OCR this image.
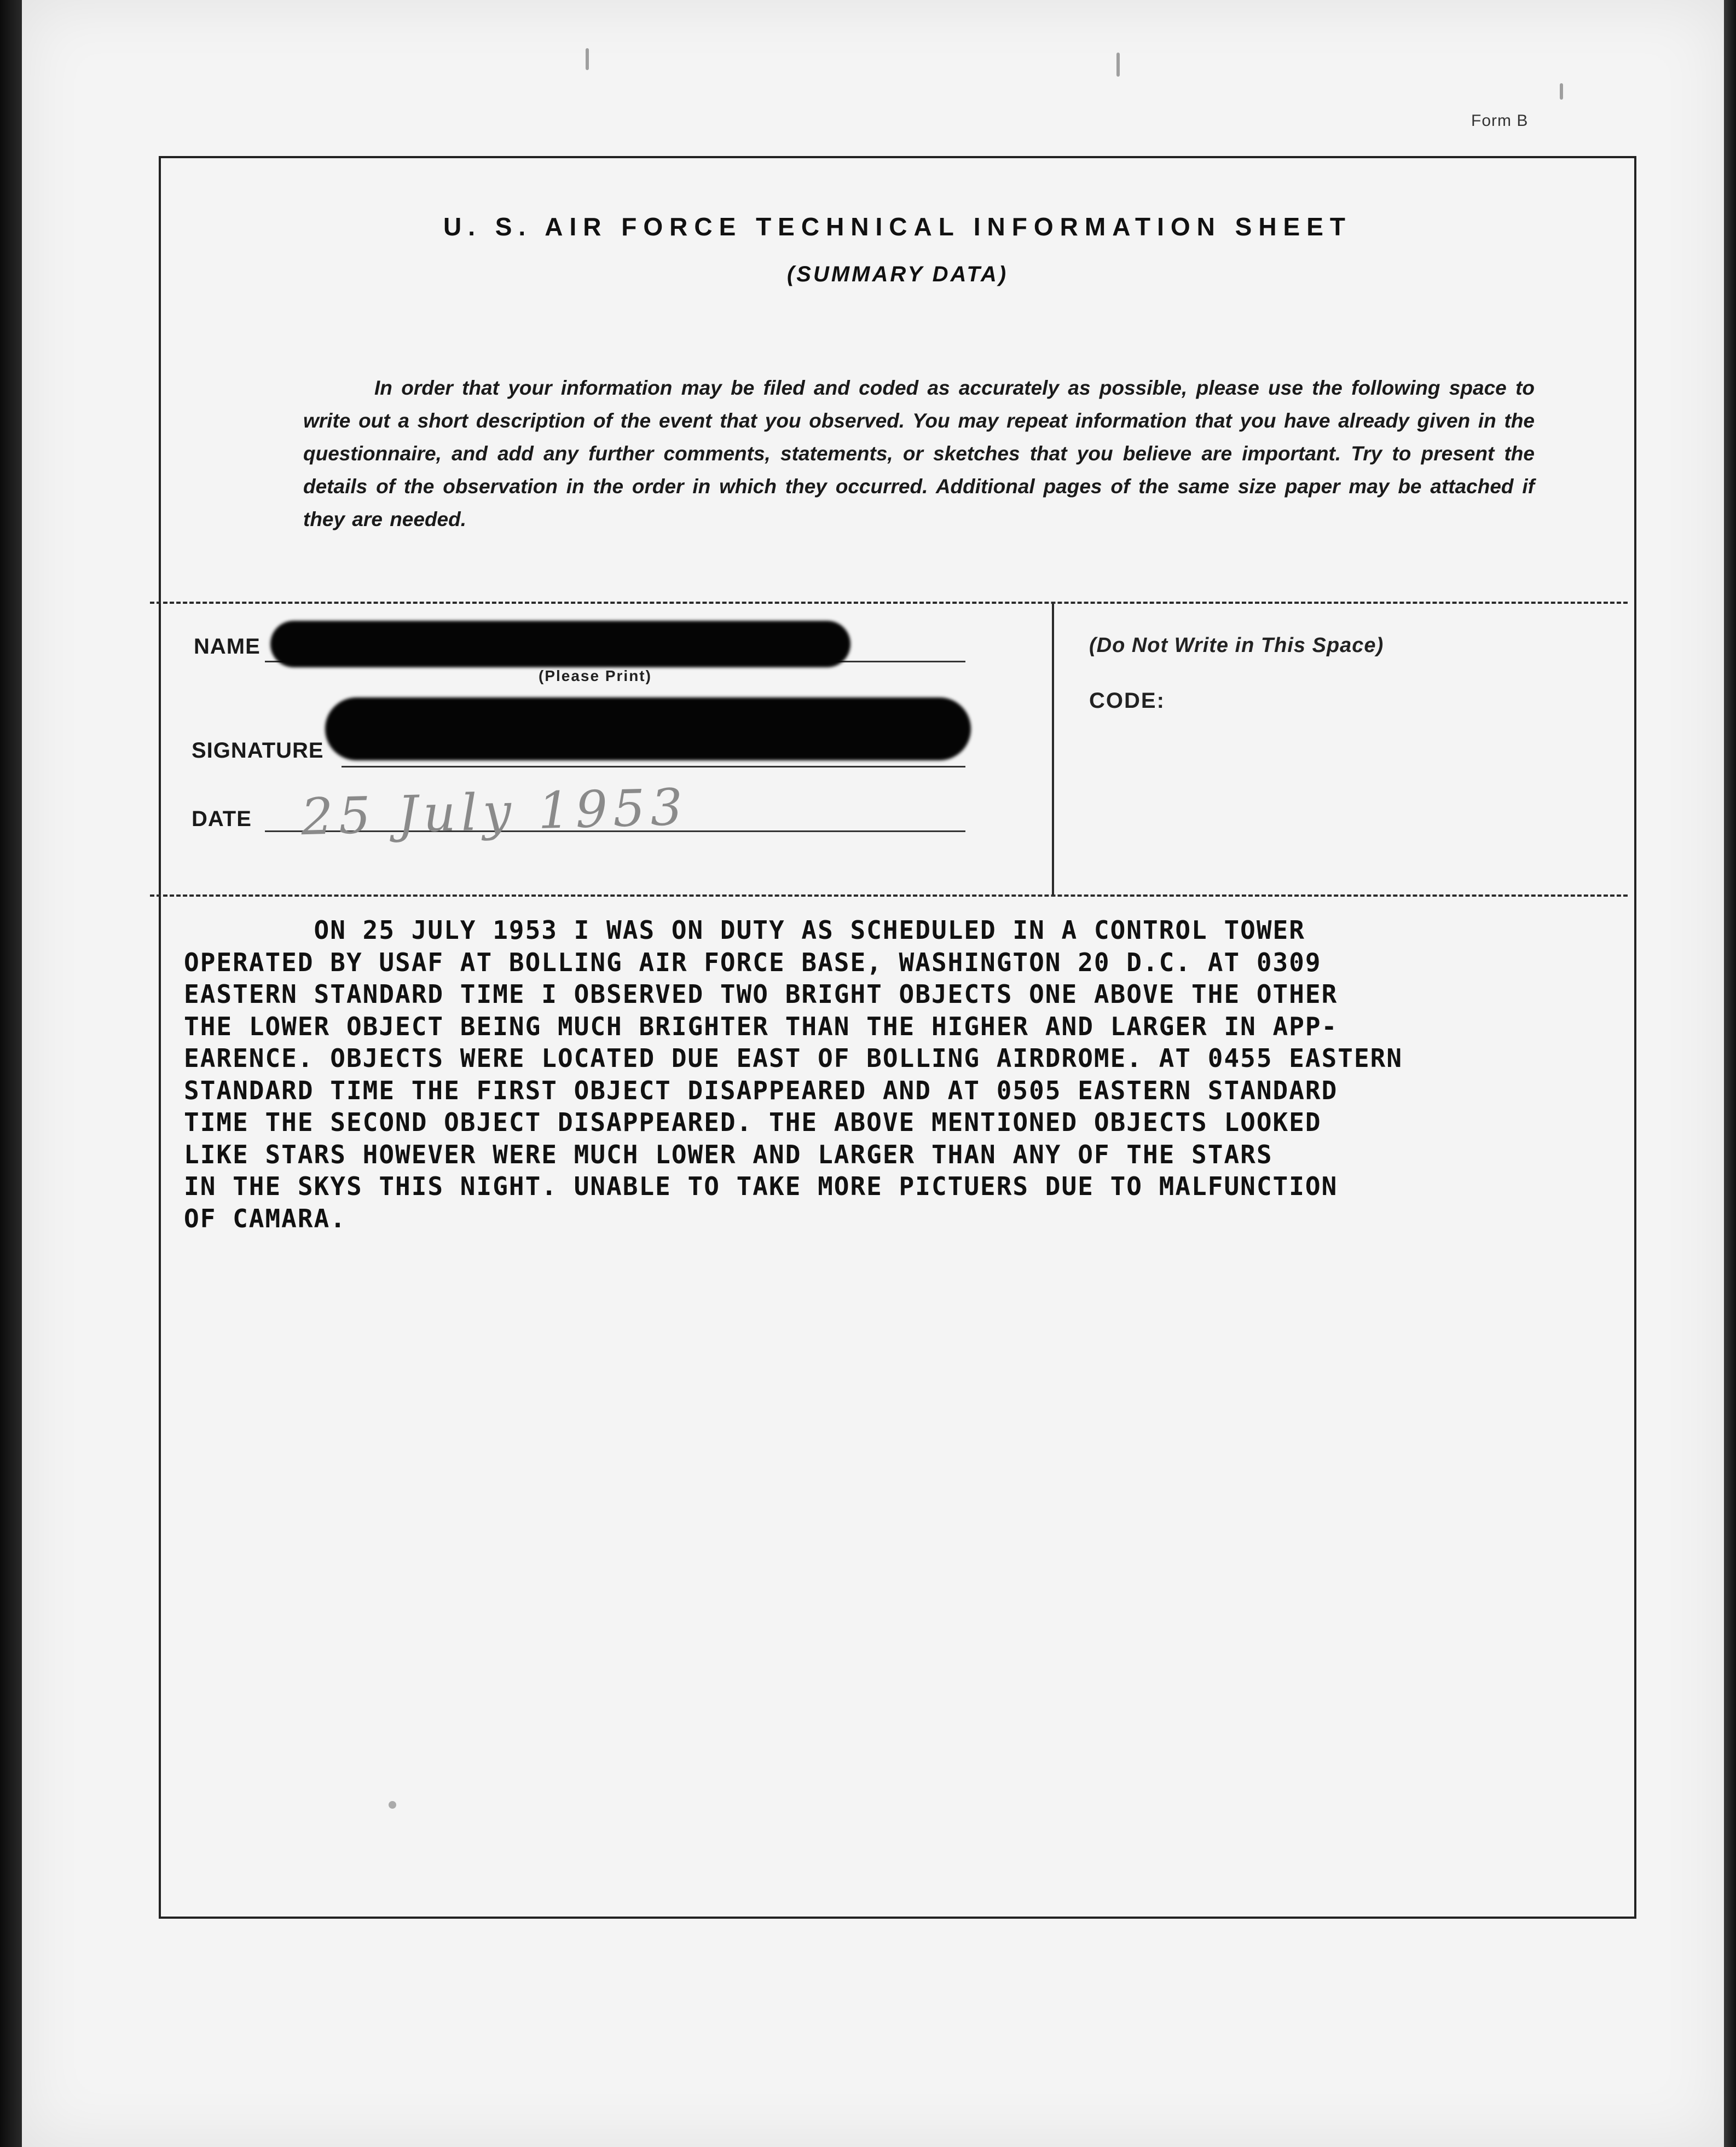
Form B
U. S. AIR FORCE TECHNICAL INFORMATION SHEET
(SUMMARY DATA)
In order that your information may be filed and coded as accurately as possible, please use the following space to write out a short description of the event that you observed. You may repeat information that you have already given in the questionnaire, and add any further comments, statements, or sketches that you believe are important. Try to present the details of the observation in the order in which they occurred. Additional pages of the same size paper may be attached if they are needed.
NAME
(Please Print)
SIGNATURE
DATE 25 July 1953
(Do Not Write in This Space)
CODE:
ON 25 JULY 1953 I WAS ON DUTY AS SCHEDULED IN A CONTROL TOWER
OPERATED BY USAF AT BOLLING AIR FORCE BASE, WASHINGTON 20 D.C. AT 0309
EASTERN STANDARD TIME I OBSERVED TWO BRIGHT OBJECTS ONE ABOVE THE OTHER
THE LOWER OBJECT BEING MUCH BRIGHTER THAN THE HIGHER AND LARGER IN APP-
EARENCE. OBJECTS WERE LOCATED DUE EAST OF BOLLING AIRDROME. AT 0455 EASTERN
STANDARD TIME THE FIRST OBJECT DISAPPEARED AND AT 0505 EASTERN STANDARD
TIME THE SECOND OBJECT DISAPPEARED. THE ABOVE MENTIONED OBJECTS LOOKED
LIKE STARS HOWEVER WERE MUCH LOWER AND LARGER THAN ANY OF THE STARS
IN THE SKYS THIS NIGHT. UNABLE TO TAKE MORE PICTUERS DUE TO MALFUNCTION
OF CAMARA.
